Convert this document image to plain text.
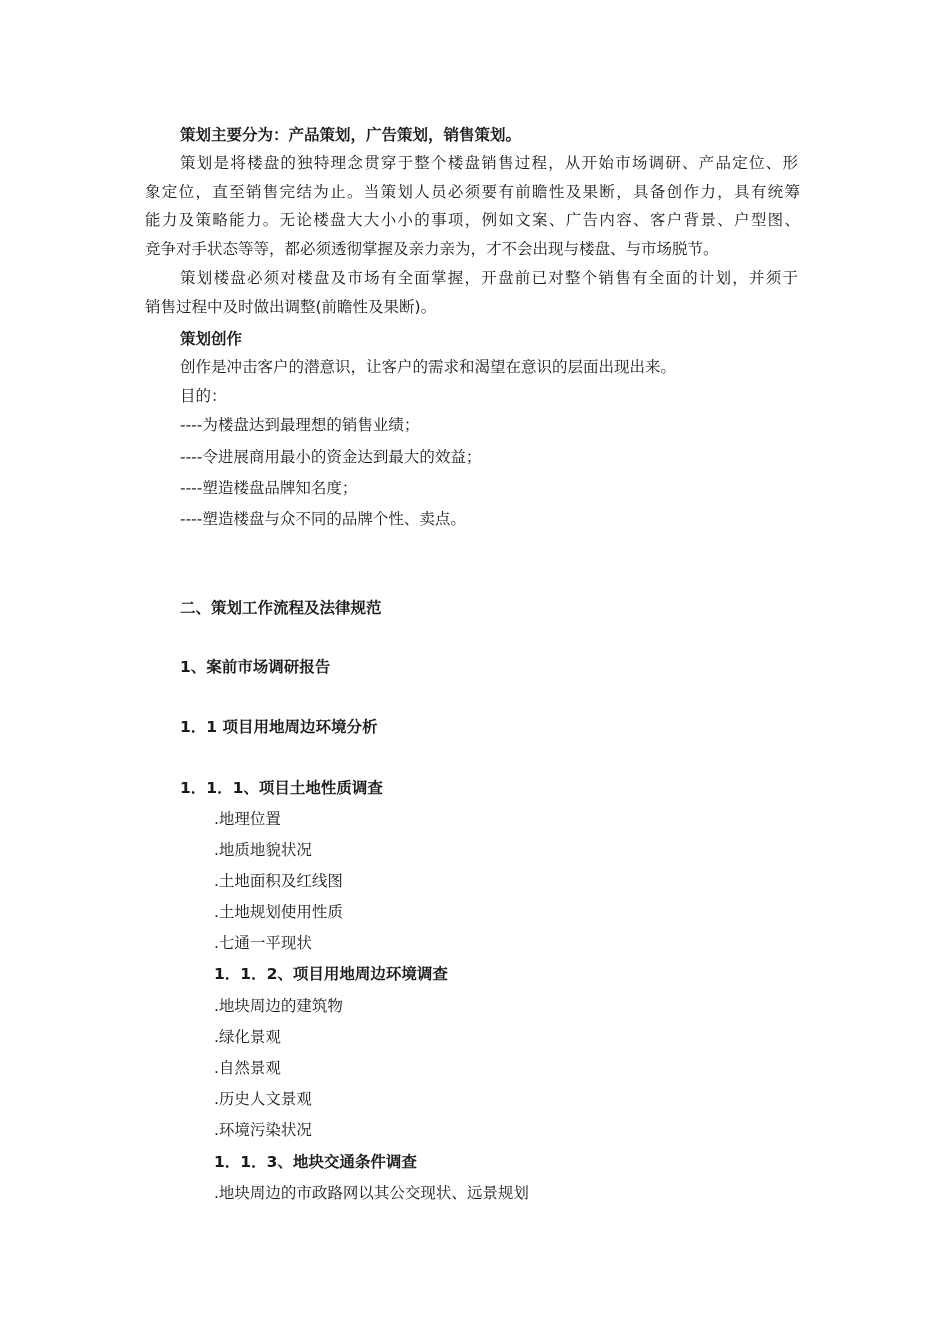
策划主要分为：产品策划，广告策划，销售策划。
策划是将楼盘的独特理念贯穿于整个楼盘销售过程，从开始市场调研、产品定位、形
象定位，直至销售完结为止。当策划人员必须要有前瞻性及果断，具备创作力，具有统筹
能力及策略能力。无论楼盘大大小小的事项，例如文案、广告内容、客户背景、户型图、
竞争对手状态等等，都必须透彻掌握及亲力亲为，才不会出现与楼盘、与市场脱节。
策划楼盘必须对楼盘及市场有全面掌握，开盘前已对整个销售有全面的计划，并须于
销售过程中及时做出调整(前瞻性及果断)。
策划创作
创作是冲击客户的潜意识，让客户的需求和渴望在意识的层面出现出来。
目的：
----为楼盘达到最理想的销售业绩；
----令进展商用最小的资金达到最大的效益；
----塑造楼盘品牌知名度；
----塑造楼盘与众不同的品牌个性、卖点。
二、策划工作流程及法律规范
1、案前市场调研报告
1．1 项目用地周边环境分析
1．1．1、项目土地性质调查
.地理位置
.地质地貌状况
.土地面积及红线图
.土地规划使用性质
.七通一平现状
1．1．2、项目用地周边环境调查
.地块周边的建筑物
.绿化景观
.自然景观
.历史人文景观
.环境污染状况
1．1．3、地块交通条件调查
.地块周边的市政路网以其公交现状、远景规划
